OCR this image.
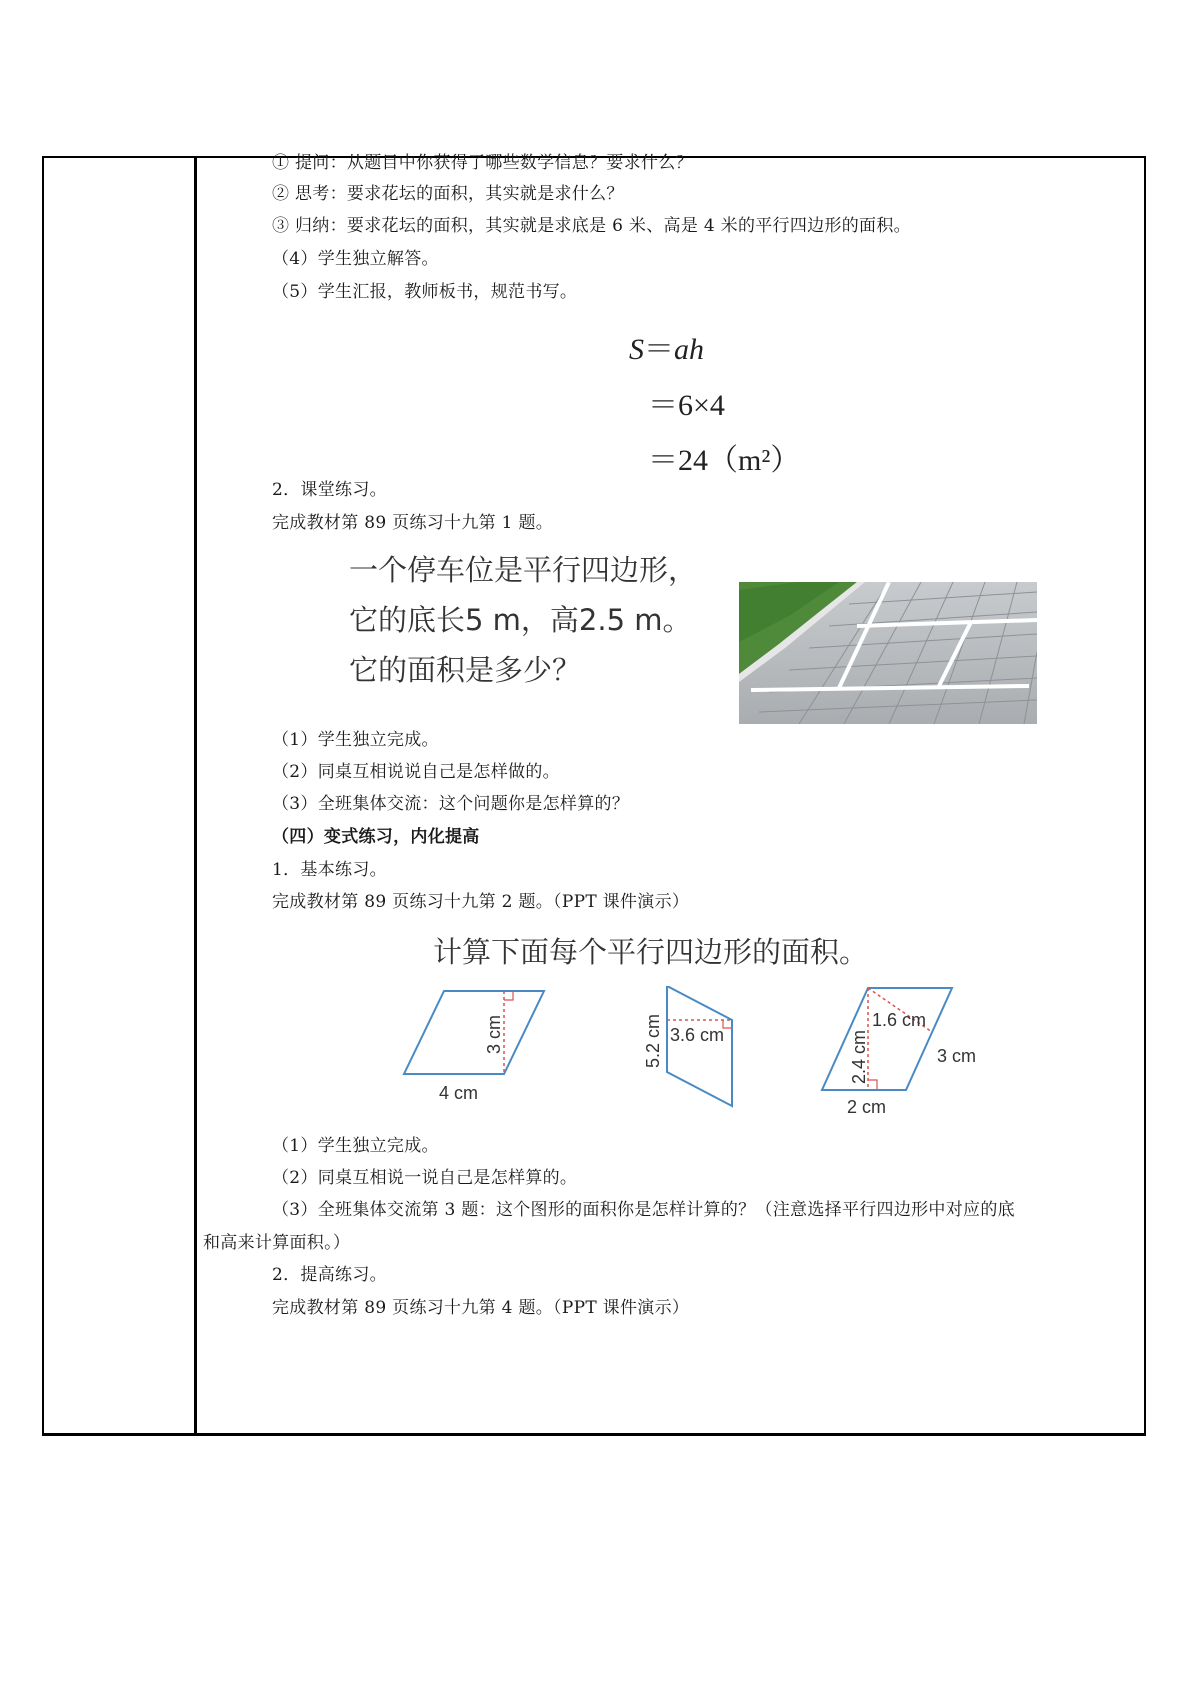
① 提问：从题目中你获得了哪些数学信息？要求什么？
② 思考：要求花坛的面积，其实就是求什么？
③ 归纳：要求花坛的面积，其实就是求底是 6 米、高是 4 米的平行四边形的面积。
（4）学生独立解答。
（5）学生汇报，教师板书，规范书写。
S＝ah
＝6×4
＝24（m²）
2．课堂练习。
完成教材第 89 页练习十九第 1 题。
一个停车位是平行四边形，
它的底长5 m，高2.5 m。
它的面积是多少？
（1）学生独立完成。
（2）同桌互相说说自己是怎样做的。
（3）全班集体交流：这个问题你是怎样算的？
（四）变式练习，内化提高
1．基本练习。
完成教材第 89 页练习十九第 2 题。（PPT 课件演示）
计算下面每个平行四边形的面积。
3 cm
4 cm
3.6 cm
5.2 cm	1.6 cm
3 cm
2.4 cm
2 cm
（1）学生独立完成。
（2）同桌互相说一说自己是怎样算的。
（3）全班集体交流第 3 题：这个图形的面积你是怎样计算的？（注意选择平行四边形中对应的底
和高来计算面积。）
2．提高练习。
完成教材第 89 页练习十九第 4 题。（PPT 课件演示）
